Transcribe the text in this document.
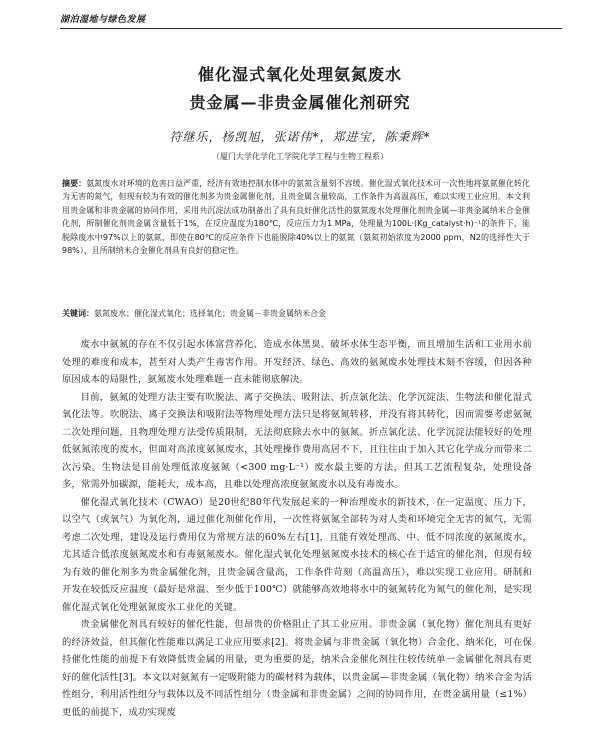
湖泊湿地与绿色发展
催化湿式氧化处理氨氮废水
贵金属—非贵金属催化剂研究
符继乐，杨凯旭，张诺伟*，郑进宝，陈秉辉*
（厦门大学化学化工学院化学工程与生物工程系）

摘要：氨氮废水对环境的危害日益严重，经济有效地控制水体中的氨氮含量刻不容缓。催化湿式氧化技术可一次性地将氨氮催化转化为无害的氮气，但现有较为有效的催化剂多为贵金属催化剂，且贵金属含量较高，工作条件为高温高压，难以实现工业应用。本文利用贵金属和非贵金属的协同作用，采用共沉淀法成功制备出了具有良好催化活性的氨氮废水处理催化剂贵金属—非贵金属纳米合金催化剂，所制催化剂贵金属含量低于1%，在反应温度为180℃，反应压力为1 MPa，处理量为100L·(Kg_catalyst·h)⁻¹的条件下，能脱除废水中97%以上的氨氮，即使在80℃的反应条件下也能脱除40%以上的氨氮（氨氮初始浓度为2000 ppm，N2的选择性大于98%），且所制纳米合金催化剂具有良好的稳定性。

关键词：氨氮废水；催化湿式氧化；选择氧化；贵金属－非贵金属纳米合金

废水中氨氮的存在不仅引起水体富营养化、造成水体黑臭、破坏水体生态平衡，而且增加生活和工业用水前处理的难度和成本，甚至对人类产生毒害作用。开发经济、绿色、高效的氨氮废水处理技术刻不容缓，但因各种原因成本的局限性，氨氮废水处理难题一直未能彻底解决。

目前，氨氮的处理方法主要有吹脱法、离子交换法、吸附法、折点氯化法、化学沉淀法、生物法和催化湿式氧化法等。吹脱法、离子交换法和吸附法等物理处理方法只是将氨氮转移，并没有将其转化，因而需要考虑氨氮二次处理问题，且物理处理方法受传质限制，无法彻底除去水中的氨氮。折点氯化法、化学沉淀法能较好的处理低氨氮浓度的废水，但面对高浓度氨氮废水，其处理操作费用高居不下，且往往由于加入其它化学成分而带来二次污染。生物法是目前处理低浓度氨氮（<300 mg·L⁻¹）废水最主要的方法，但其工艺流程复杂，处理设备多，常需外加碳源，能耗大，成本高，且难以处理高浓度氨氮废水以及有毒废水。

催化湿式氧化技术（CWAO）是20世纪80年代发展起来的一种治理废水的新技术，在一定温度、压力下，以空气（或氧气）为氧化剂，通过催化剂催化作用，一次性将氨氮全部转为对人类和环境完全无害的氮气，无需考虑二次处理，建设及运行费用仅为常规方法的60%左右[1]，且能有效处理高、中、低不同浓度的氨氮废水，尤其适合低浓度氨氮废水和有毒氨氮废水。催化湿式氧化处理氨氮废水技术的核心在于适宜的催化剂，但现有较为有效的催化剂多为贵金属催化剂，且贵金属含量高，工作条件苛刻（高温高压），难以实现工业应用。研制和开发在较低反应温度（最好是常温、至少低于100℃）就能够高效地将水中的氨氮转化为氮气的催化剂，是实现催化湿式氧化处理氨氮废水工业化的关键。

贵金属催化剂具有较好的催化性能，但昂贵的价格阻止了其工业应用。非贵金属（氧化物）催化剂具有更好的经济效益，但其催化性能难以满足工业应用要求[2]。将贵金属与非贵金属（氧化物）合金化、纳米化，可在保持催化性能的前提下有效降低贵金属的用量，更为重要的是，纳米合金催化剂往往较传统单一金属催化剂具有更好的催化活性[3]。本文以对氨氮有一定吸附能力的碳材料为载体，以贵金属—非贵金属（氧化物）纳米合金为活性组分，利用活性组分与载体以及不同活性组分（贵金属和非贵金属）之间的协同作用，在贵金属用量（≤1%）更低的前提下，成功实现废
